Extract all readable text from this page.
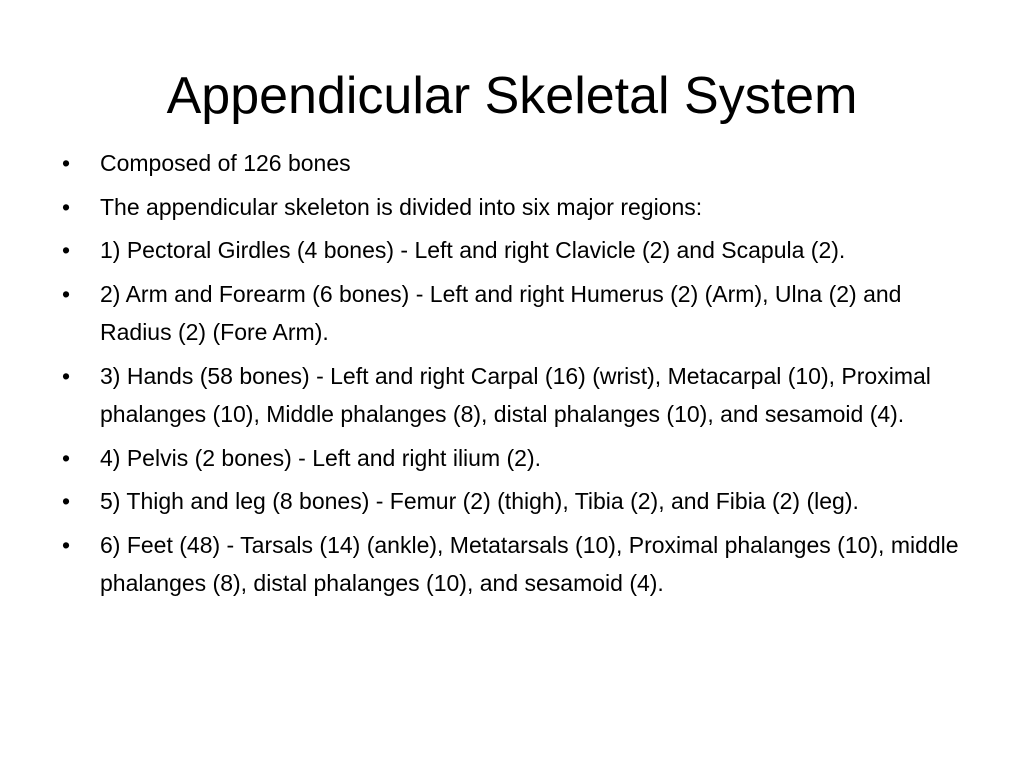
Appendicular Skeletal System
• Composed of 126 bones
• The appendicular skeleton is divided into six major regions:
• 1) Pectoral Girdles (4 bones) - Left and right Clavicle (2) and Scapula (2).
• 2) Arm and Forearm (6 bones) - Left and right Humerus (2) (Arm), Ulna (2) and Radius (2) (Fore Arm).
• 3) Hands (58 bones) - Left and right Carpal (16) (wrist), Metacarpal (10), Proximal phalanges (10), Middle phalanges (8), distal phalanges (10), and sesamoid (4).
• 4) Pelvis (2 bones) - Left and right ilium (2).
• 5) Thigh and leg (8 bones) - Femur (2) (thigh), Tibia (2), and Fibia (2) (leg).
• 6) Feet (48) - Tarsals (14) (ankle), Metatarsals (10), Proximal phalanges (10), middle phalanges (8), distal phalanges (10), and sesamoid (4).
